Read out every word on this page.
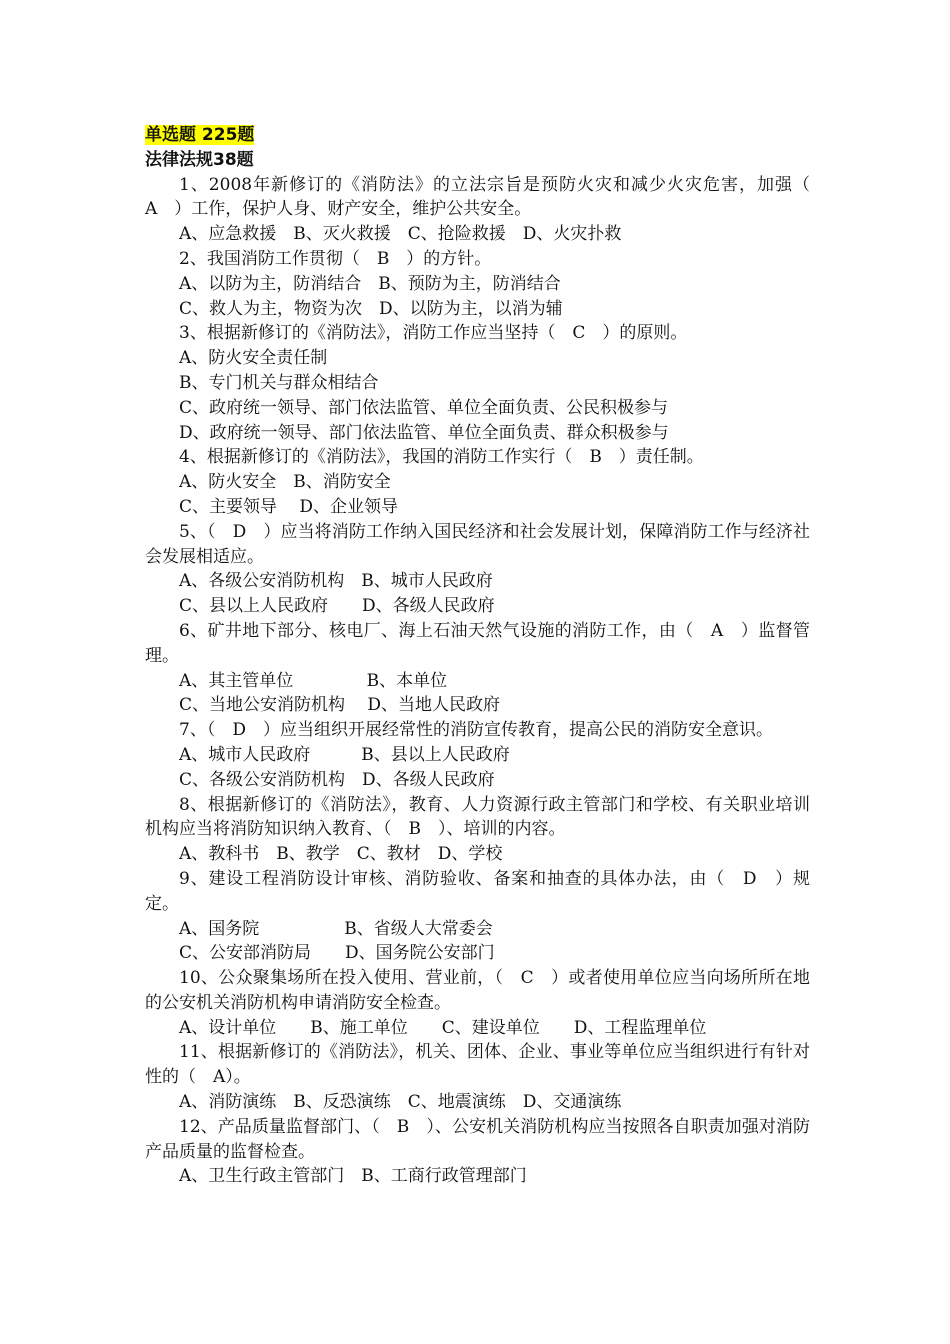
单选题 225题

法律法规38题

1、2008年新修订的《消防法》的立法宗旨是预防火灾和减少火灾危害，加强（　A　）工作，保护人身、财产安全，维护公共安全。

A、应急救援　B、灭火救援　C、抢险救援　D、火灾扑救

2、我国消防工作贯彻（　B　）的方针。

A、以防为主，防消结合　B、预防为主，防消结合

C、救人为主，物资为次　D、以防为主，以消为辅

3、根据新修订的《消防法》，消防工作应当坚持（　C　）的原则。

A、防火安全责任制

B、专门机关与群众相结合

C、政府统一领导、部门依法监管、单位全面负责、公民积极参与

D、政府统一领导、部门依法监管、单位全面负责、群众积极参与

4、根据新修订的《消防法》，我国的消防工作实行（　B　）责任制。

A、防火安全　B、消防安全

C、主要领导　 D、企业领导

5、（　D　）应当将消防工作纳入国民经济和社会发展计划，保障消防工作与经济社会发展相适应。

A、各级公安消防机构　B、城市人民政府

C、县以上人民政府　　D、各级人民政府

6、矿井地下部分、核电厂、海上石油天然气设施的消防工作，由（　A　）监督管理。

A、其主管单位　　　　 B、本单位

C、当地公安消防机构　 D、当地人民政府

7、（　D　）应当组织开展经常性的消防宣传教育，提高公民的消防安全意识。

A、城市人民政府　　　B、县以上人民政府

C、各级公安消防机构　D、各级人民政府

8、根据新修订的《消防法》，教育、人力资源行政主管部门和学校、有关职业培训机构应当将消防知识纳入教育、（　B　）、培训的内容。

A、教科书　B、教学　C、教材　D、学校

9、建设工程消防设计审核、消防验收、备案和抽查的具体办法，由（　D　）规定。

A、国务院　　　　　B、省级人大常委会

C、公安部消防局　　D、国务院公安部门

10、公众聚集场所在投入使用、营业前，（　C　）或者使用单位应当向场所所在地的公安机关消防机构申请消防安全检查。

A、设计单位　　B、施工单位　　C、建设单位　　D、工程监理单位

11、根据新修订的《消防法》，机关、团体、企业、事业等单位应当组织进行有针对性的（　A）。

A、消防演练　B、反恐演练　C、地震演练　D、交通演练

12、产品质量监督部门、（　B　）、公安机关消防机构应当按照各自职责加强对消防产品质量的监督检查。

A、卫生行政主管部门　B、工商行政管理部门
